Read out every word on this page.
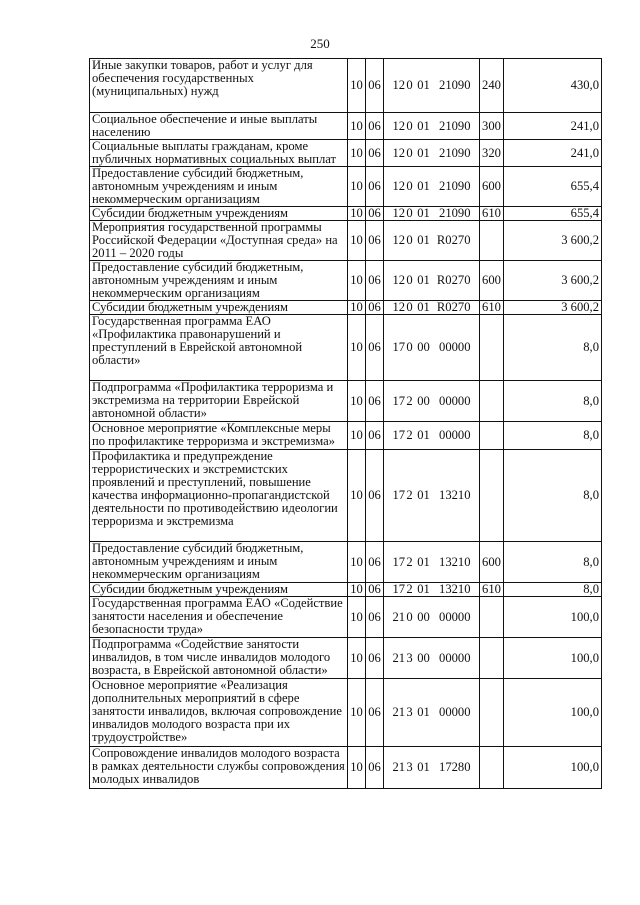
250
Иные закупки товаров, работ и услуг для обеспечения государственных (муниципальных) нужд	10	06	120 01 21090	240	430,0
Социальное обеспечение и иные выплаты населению	10	06	120 01 21090	300	241,0
Социальные выплаты гражданам, кроме публичных нормативных социальных выплат	10	06	120 01 21090	320	241,0
Предоставление субсидий бюджетным, автономным учреждениям и иным некоммерческим организациям	10	06	120 01 21090	600	655,4
Субсидии бюджетным учреждениям	10	06	120 01 21090	610	655,4
Мероприятия государственной программы Российской Федерации «Доступная среда» на 2011 – 2020 годы	10	06	120 01 R0270		3 600,2
Предоставление субсидий бюджетным, автономным учреждениям и иным некоммерческим организациям	10	06	120 01 R0270	600	3 600,2
Субсидии бюджетным учреждениям	10	06	120 01 R0270	610	3 600,2
Государственная программа ЕАО «Профилактика правонарушений и преступлений в Еврейской автономной области»	10	06	170 00 00000		8,0
Подпрограмма «Профилактика терроризма и экстремизма на территории Еврейской автономной области»	10	06	172 00 00000		8,0
Основное мероприятие «Комплексные меры по профилактике терроризма и экстремизма»	10	06	172 01 00000		8,0
Профилактика и предупреждение террористических и экстремистских проявлений и преступлений, повышение качества информационно-пропагандистской деятельности по противодействию идеологии терроризма и экстремизма	10	06	172 01 13210		8,0
Предоставление субсидий бюджетным, автономным учреждениям и иным некоммерческим организациям	10	06	172 01 13210	600	8,0
Субсидии бюджетным учреждениям	10	06	172 01 13210	610	8,0
Государственная программа ЕАО «Содействие занятости населения и обеспечение безопасности труда»	10	06	210 00 00000		100,0
Подпрограмма «Содействие занятости инвалидов, в том числе инвалидов молодого возраста, в Еврейской автономной области»	10	06	213 00 00000		100,0
Основное мероприятие «Реализация дополнительных мероприятий в сфере занятости инвалидов, включая сопровождение инвалидов молодого возраста при их трудоустройстве»	10	06	213 01 00000		100,0
Сопровождение инвалидов молодого возраста в рамках деятельности службы сопровождения молодых инвалидов	10	06	213 01 17280		100,0
